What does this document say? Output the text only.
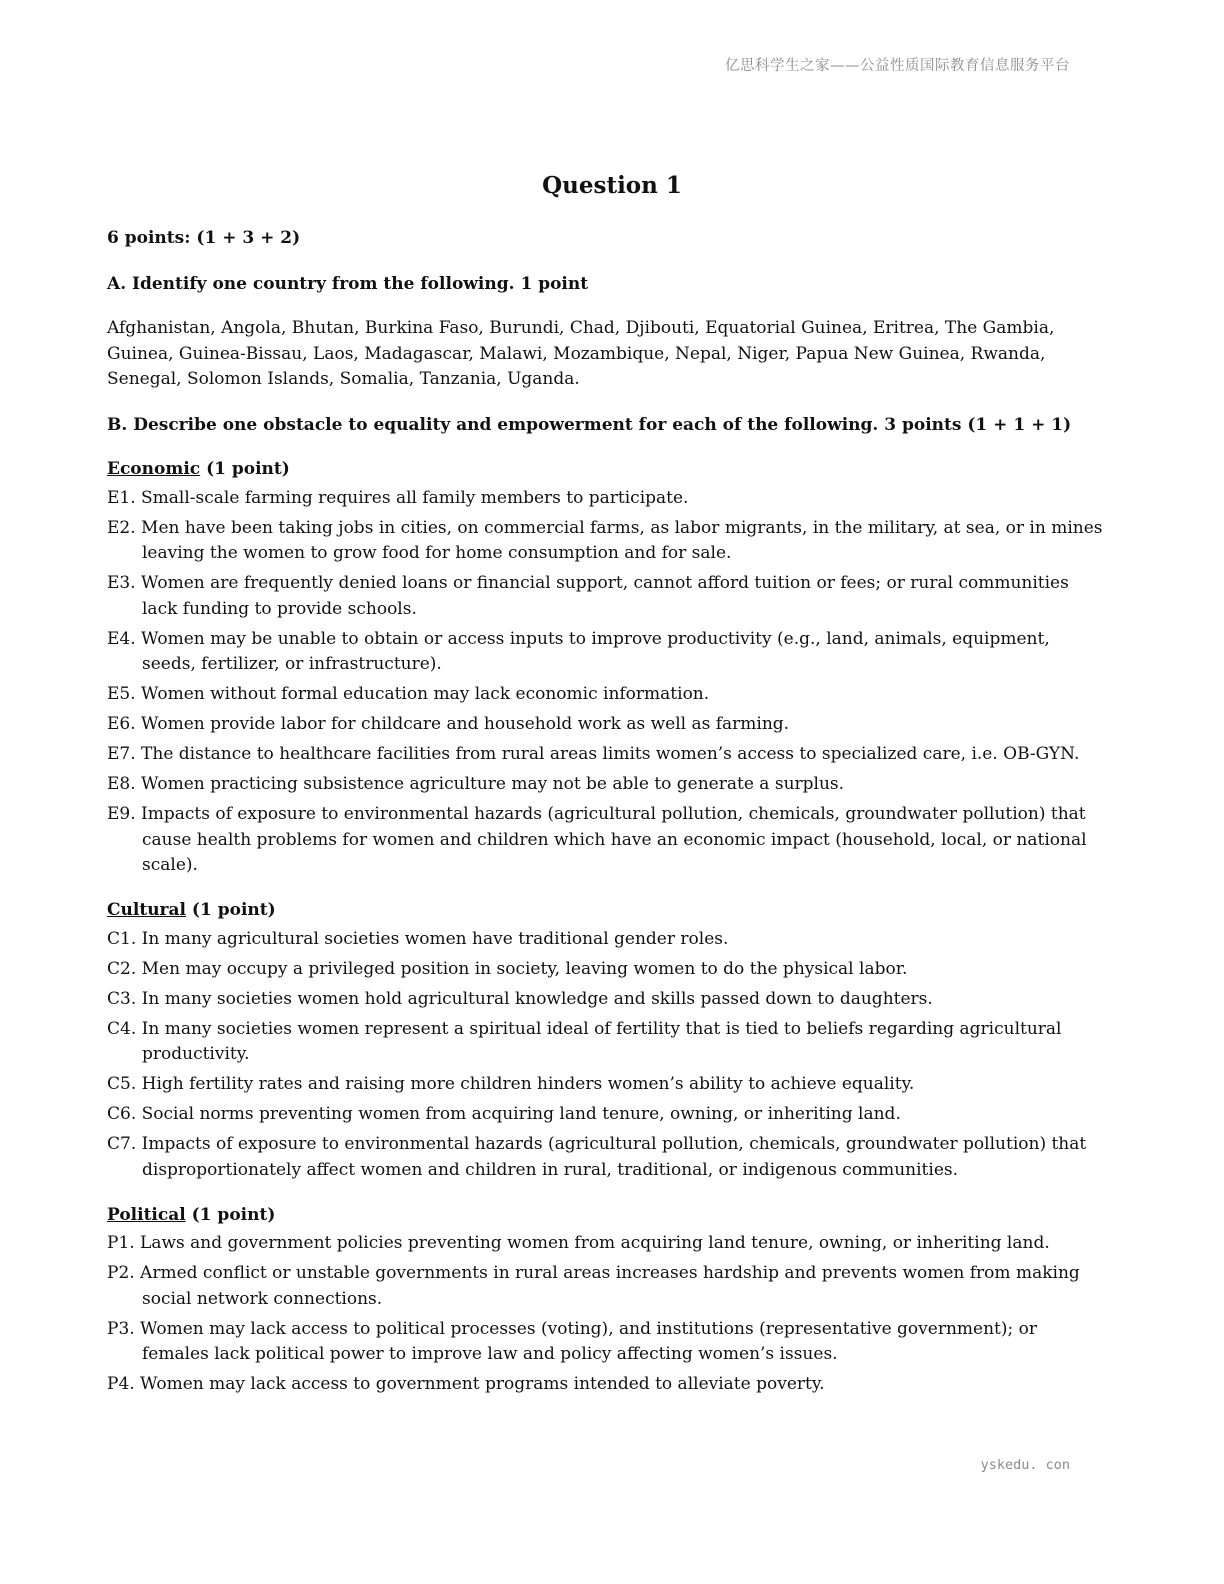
亿思科学生之家——公益性质国际教育信息服务平台
Question 1

6 points: (1 + 3 + 2)

A. Identify one country from the following. 1 point

Afghanistan, Angola, Bhutan, Burkina Faso, Burundi, Chad, Djibouti, Equatorial Guinea, Eritrea, The Gambia, Guinea, Guinea-Bissau, Laos, Madagascar, Malawi, Mozambique, Nepal, Niger, Papua New Guinea, Rwanda, Senegal, Solomon Islands, Somalia, Tanzania, Uganda.

B. Describe one obstacle to equality and empowerment for each of the following. 3 points (1 + 1 + 1)

Economic (1 point)
E1. Small-scale farming requires all family members to participate.
E2. Men have been taking jobs in cities, on commercial farms, as labor migrants, in the military, at sea, or in mines leaving the women to grow food for home consumption and for sale.
E3. Women are frequently denied loans or financial support, cannot afford tuition or fees; or rural communities lack funding to provide schools.
E4. Women may be unable to obtain or access inputs to improve productivity (e.g., land, animals, equipment, seeds, fertilizer, or infrastructure).
E5. Women without formal education may lack economic information.
E6. Women provide labor for childcare and household work as well as farming.
E7. The distance to healthcare facilities from rural areas limits women’s access to specialized care, i.e. OB-GYN.
E8. Women practicing subsistence agriculture may not be able to generate a surplus.
E9. Impacts of exposure to environmental hazards (agricultural pollution, chemicals, groundwater pollution) that cause health problems for women and children which have an economic impact (household, local, or national scale).
Cultural (1 point)
C1. In many agricultural societies women have traditional gender roles.
C2. Men may occupy a privileged position in society, leaving women to do the physical labor.
C3. In many societies women hold agricultural knowledge and skills passed down to daughters.
C4. In many societies women represent a spiritual ideal of fertility that is tied to beliefs regarding agricultural productivity.
C5. High fertility rates and raising more children hinders women’s ability to achieve equality.
C6. Social norms preventing women from acquiring land tenure, owning, or inheriting land.
C7. Impacts of exposure to environmental hazards (agricultural pollution, chemicals, groundwater pollution) that disproportionately affect women and children in rural, traditional, or indigenous communities.
Political (1 point)
P1. Laws and government policies preventing women from acquiring land tenure, owning, or inheriting land.
P2. Armed conflict or unstable governments in rural areas increases hardship and prevents women from making social network connections.
P3. Women may lack access to political processes (voting), and institutions (representative government); or females lack political power to improve law and policy affecting women’s issues.
P4. Women may lack access to government programs intended to alleviate poverty.
yskedu. con
